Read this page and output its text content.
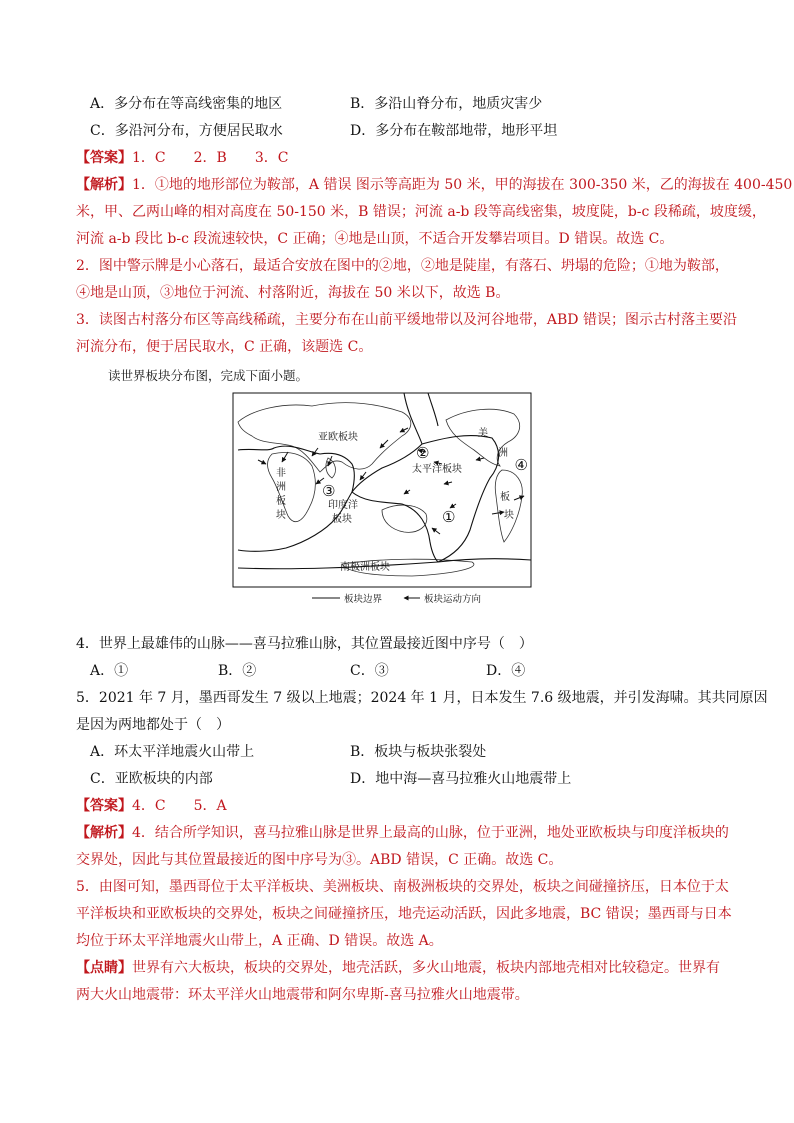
A．多分布在等高线密集的地区	B．多沿山脊分布，地质灾害少
C．多沿河分布，方便居民取水	D．多分布在鞍部地带，地形平坦
【答案】1．C　　2．B　　3．C
【解析】1．①地的地形部位为鞍部，A 错误 图示等高距为 50 米，甲的海拔在 300-350 米，乙的海拔在 400-450
米，甲、乙两山峰的相对高度在 50-150 米，B 错误；河流 a-b 段等高线密集，坡度陡，b-c 段稀疏，坡度缓，
河流 a-b 段比 b-c 段流速较快，C 正确；④地是山顶，不适合开发攀岩项目。D 错误。故选 C。
2．图中警示牌是小心落石，最适合安放在图中的②地，②地是陡崖，有落石、坍塌的危险；①地为鞍部，
④地是山顶，③地位于河流、村落附近，海拔在 50 米以下，故选 B。
3．读图古村落分布区等高线稀疏，主要分布在山前平缓地带以及河谷地带，ABD 错误；图示古村落主要沿
河流分布，便于居民取水，C 正确，该题选 C。
读世界板块分布图，完成下面小题。
亚欧板块
太平洋板块
美
洲
板
块
非
洲
板
块
印度洋
板块
南极洲板块
①
②
③
④
板块边界	板块运动方向
4．世界上最雄伟的山脉——喜马拉雅山脉，其位置最接近图中序号（　）
A．①	B．②	C．③	D．④
5．2021 年 7 月，墨西哥发生 7 级以上地震；2024 年 1 月，日本发生 7.6 级地震，并引发海啸。其共同原因
是因为两地都处于（　）
A．环太平洋地震火山带上	B．板块与板块张裂处
C．亚欧板块的内部	D．地中海—喜马拉雅火山地震带上
【答案】4．C　　5．A
【解析】4．结合所学知识，喜马拉雅山脉是世界上最高的山脉，位于亚洲，地处亚欧板块与印度洋板块的
交界处，因此与其位置最接近的图中序号为③。ABD 错误，C 正确。故选 C。
5．由图可知，墨西哥位于太平洋板块、美洲板块、南极洲板块的交界处，板块之间碰撞挤压，日本位于太
平洋板块和亚欧板块的交界处，板块之间碰撞挤压，地壳运动活跃，因此多地震，BC 错误；墨西哥与日本
均位于环太平洋地震火山带上，A 正确、D 错误。故选 A。
【点睛】世界有六大板块，板块的交界处，地壳活跃，多火山地震，板块内部地壳相对比较稳定。世界有
两大火山地震带：环太平洋火山地震带和阿尔卑斯-喜马拉雅火山地震带。
